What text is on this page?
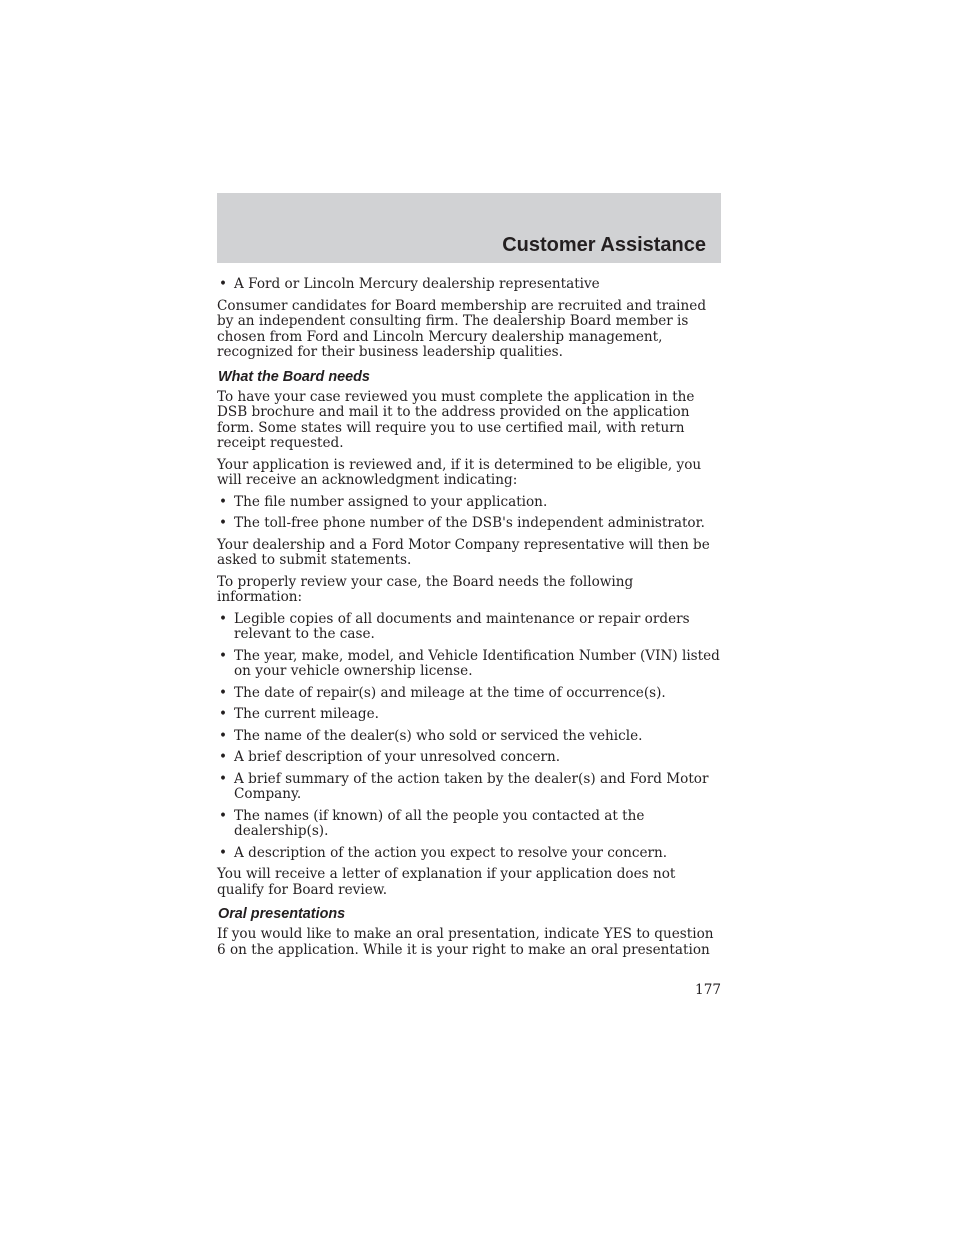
Customer Assistance
• A Ford or Lincoln Mercury dealership representative

Consumer candidates for Board membership are recruited and trained by an independent consulting firm. The dealership Board member is chosen from Ford and Lincoln Mercury dealership management, recognized for their business leadership qualities.

What the Board needs

To have your case reviewed you must complete the application in the DSB brochure and mail it to the address provided on the application form. Some states will require you to use certified mail, with return receipt requested.

Your application is reviewed and, if it is determined to be eligible, you will receive an acknowledgment indicating:

• The file number assigned to your application.
• The toll-free phone number of the DSB's independent administrator.

Your dealership and a Ford Motor Company representative will then be asked to submit statements.

To properly review your case, the Board needs the following information:

• Legible copies of all documents and maintenance or repair orders relevant to the case.
• The year, make, model, and Vehicle Identification Number (VIN) listed on your vehicle ownership license.
• The date of repair(s) and mileage at the time of occurrence(s).
• The current mileage.
• The name of the dealer(s) who sold or serviced the vehicle.
• A brief description of your unresolved concern.
• A brief summary of the action taken by the dealer(s) and Ford Motor Company.
• The names (if known) of all the people you contacted at the dealership(s).
• A description of the action you expect to resolve your concern.

You will receive a letter of explanation if your application does not qualify for Board review.

Oral presentations

If you would like to make an oral presentation, indicate YES to question 6 on the application. While it is your right to make an oral presentation

177
